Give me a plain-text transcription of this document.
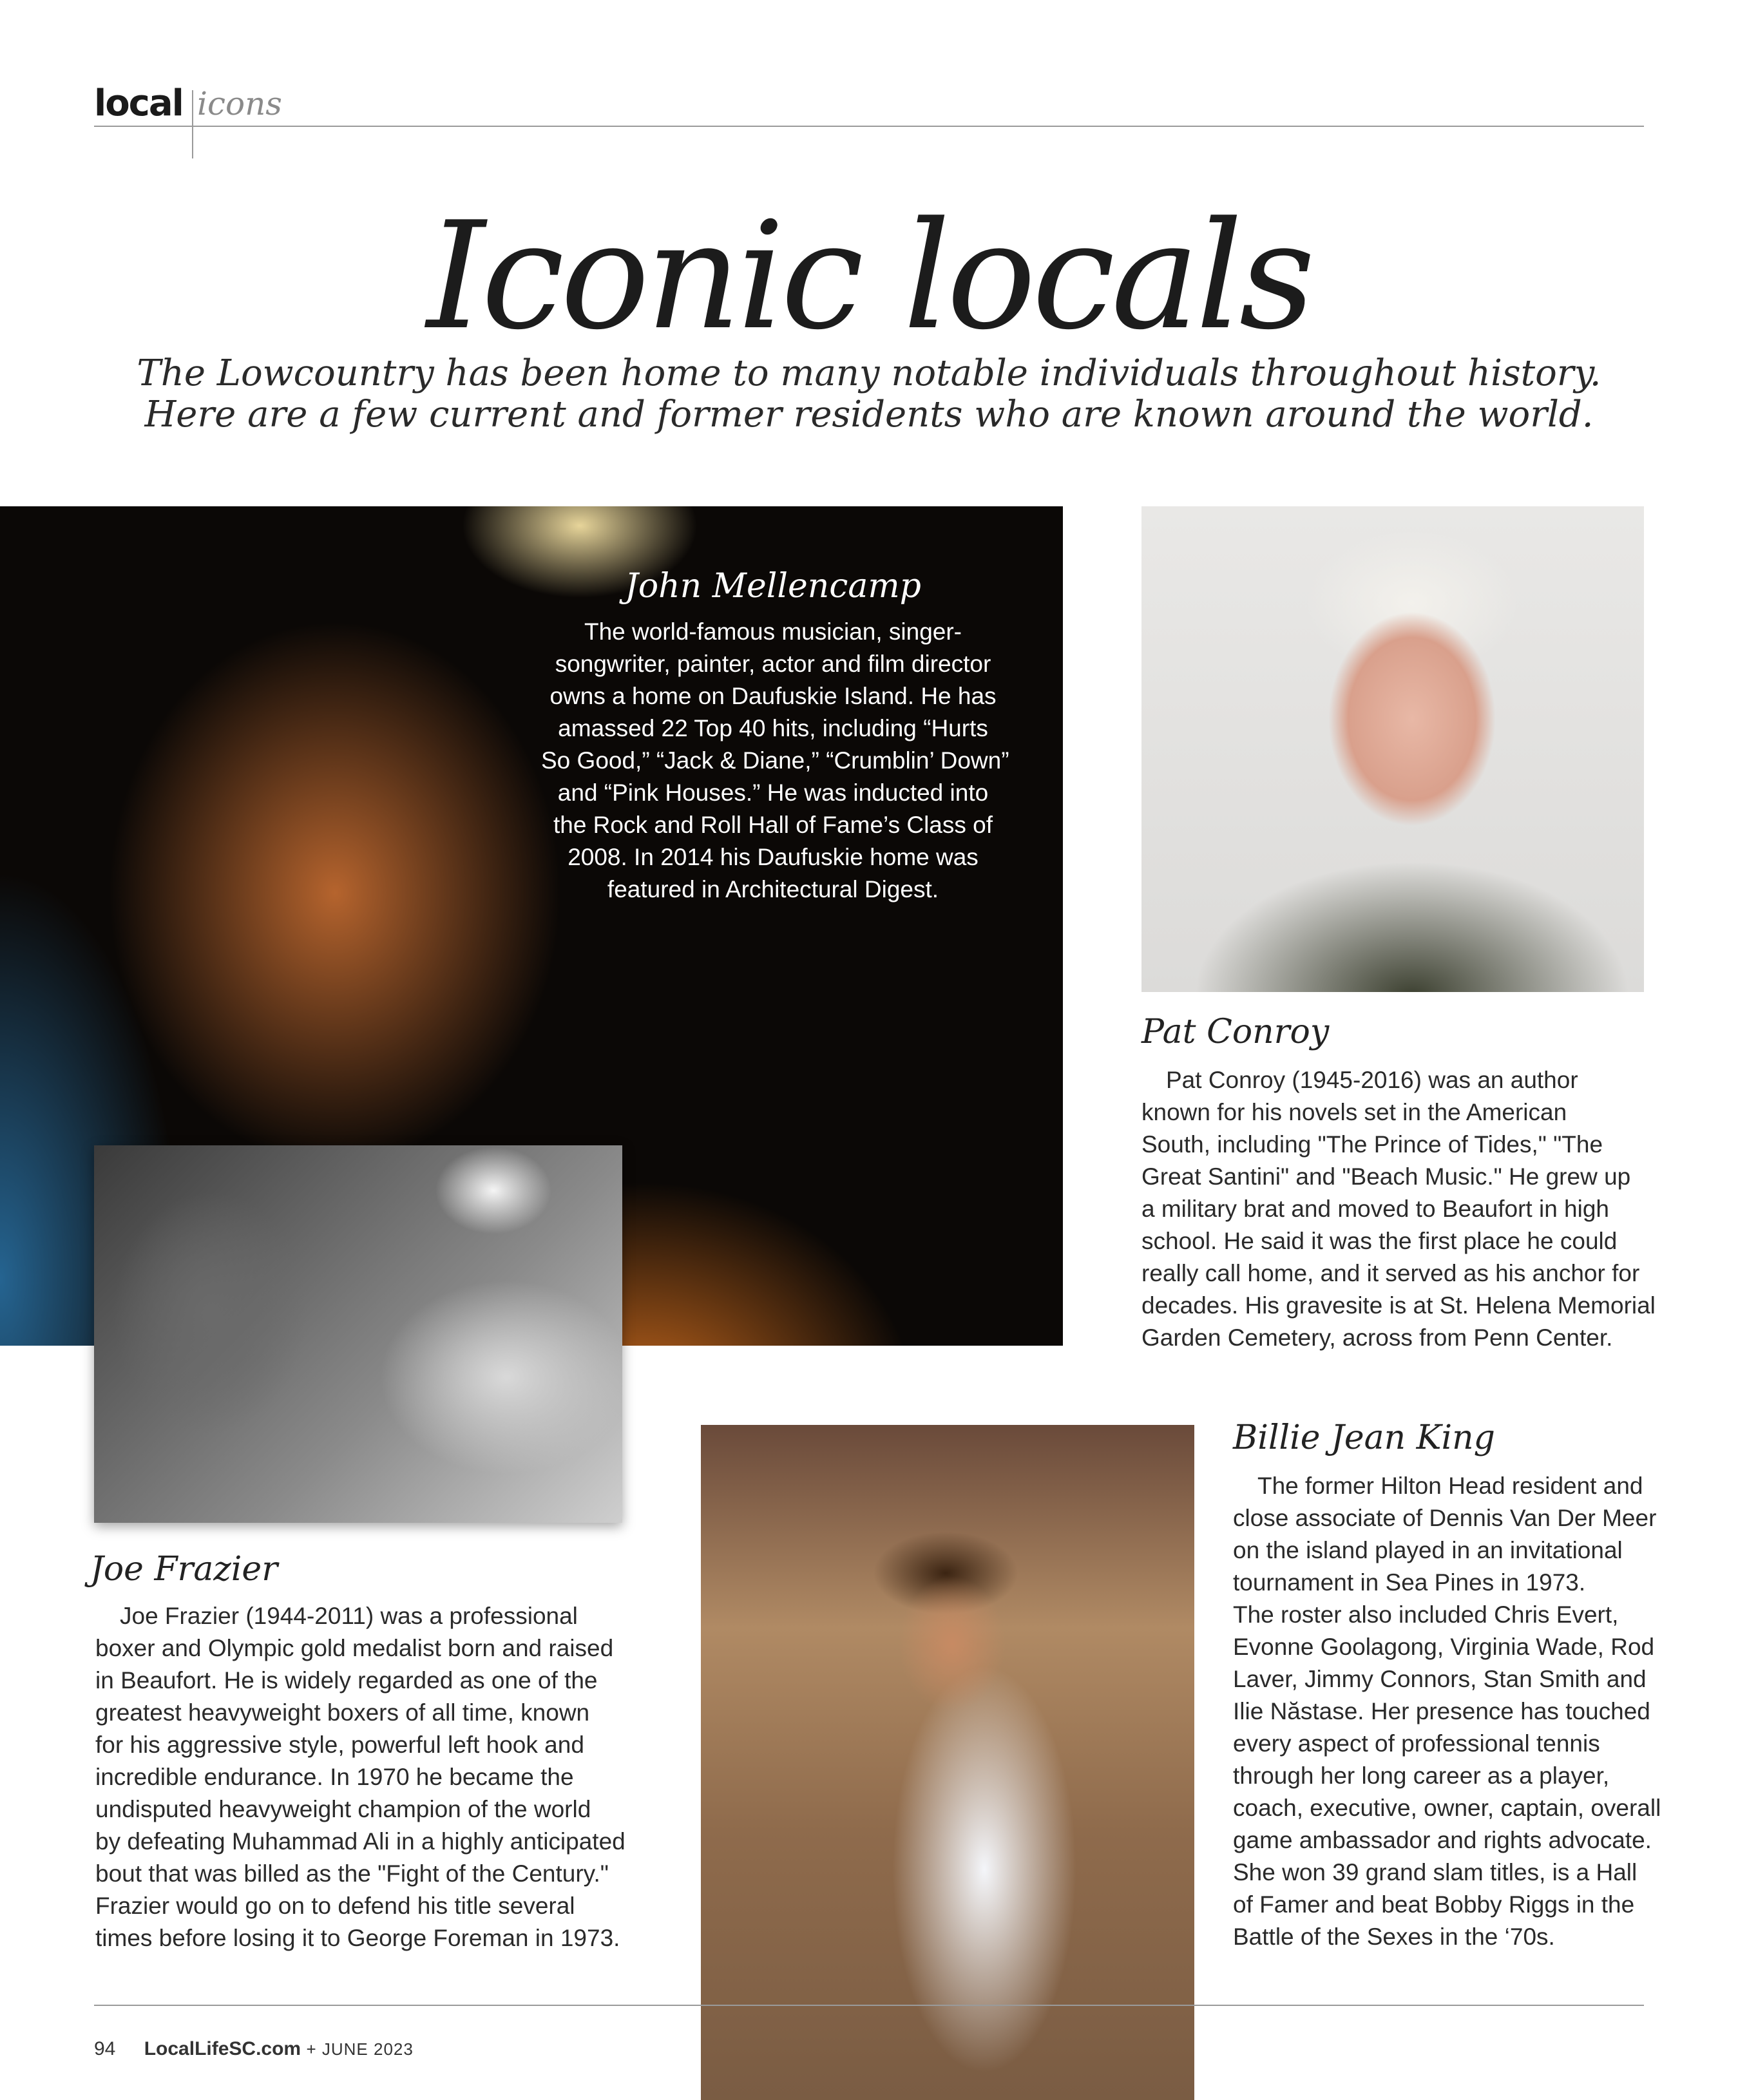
local icons
Iconic locals
The Lowcountry has been home to many notable individuals throughout history.
Here are a few current and former residents who are known around the world.
John Mellencamp
The world-famous musician, singer-
songwriter, painter, actor and film director
owns a home on Daufuskie Island. He has
amassed 22 Top 40 hits, including “Hurts
So Good,” “Jack & Diane,” “Crumblin’ Down”
and “Pink Houses.” He was inducted into
the Rock and Roll Hall of Fame’s Class of
2008. In 2014 his Daufuskie home was
featured in Architectural Digest.
Pat Conroy
Pat Conroy (1945-2016) was an author
known for his novels set in the American
South, including "The Prince of Tides," "The
Great Santini" and "Beach Music." He grew up
a military brat and moved to Beaufort in high
school. He said it was the first place he could
really call home, and it served as his anchor for
decades. His gravesite is at St. Helena Memorial
Garden Cemetery, across from Penn Center.
Joe Frazier
Joe Frazier (1944-2011) was a professional
boxer and Olympic gold medalist born and raised
in Beaufort. He is widely regarded as one of the
greatest heavyweight boxers of all time, known
for his aggressive style, powerful left hook and
incredible endurance. In 1970 he became the
undisputed heavyweight champion of the world
by defeating Muhammad Ali in a highly anticipated
bout that was billed as the "Fight of the Century."
Frazier would go on to defend his title several
times before losing it to George Foreman in 1973.
Billie Jean King
The former Hilton Head resident and
close associate of Dennis Van Der Meer
on the island played in an invitational
tournament in Sea Pines in 1973.
The roster also included Chris Evert,
Evonne Goolagong, Virginia Wade, Rod
Laver, Jimmy Connors, Stan Smith and
Ilie Năstase. Her presence has touched
every aspect of professional tennis
through her long career as a player,
coach, executive, owner, captain, overall
game ambassador and rights advocate.
She won 39 grand slam titles, is a Hall
of Famer and beat Bobby Riggs in the
Battle of the Sexes in the ‘70s.
94 LocalLifeSC.com + JUNE 2023
